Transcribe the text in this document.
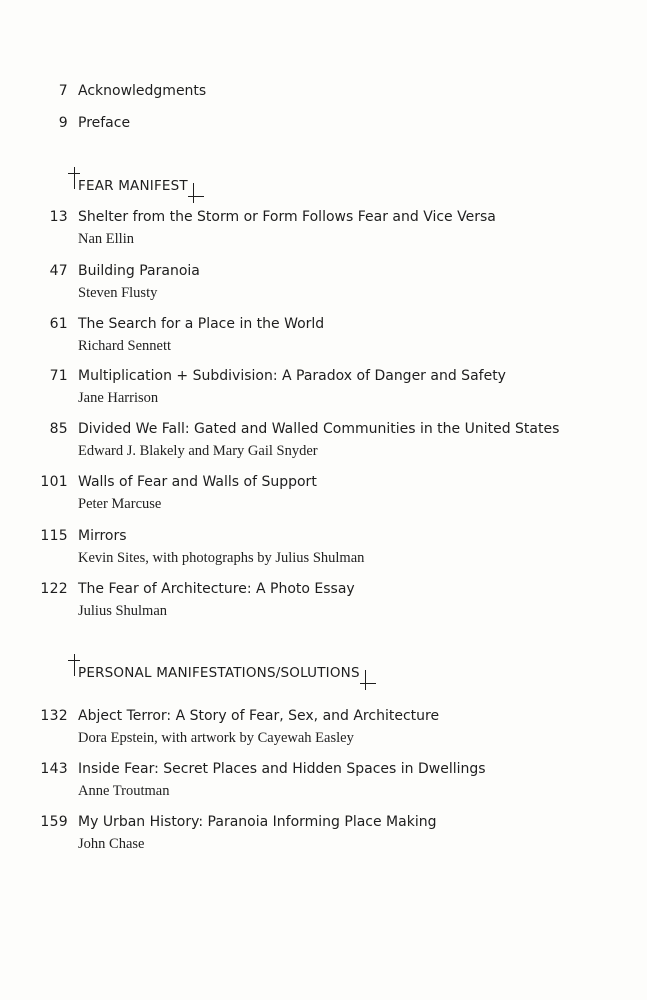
7 Acknowledgments
9 Preface
FEAR MANIFEST
13 Shelter from the Storm or Form Follows Fear and Vice Versa
Nan Ellin
47 Building Paranoia
Steven Flusty
61 The Search for a Place in the World
Richard Sennett
71 Multiplication + Subdivision: A Paradox of Danger and Safety
Jane Harrison
85 Divided We Fall: Gated and Walled Communities in the United States
Edward J. Blakely and Mary Gail Snyder
101 Walls of Fear and Walls of Support
Peter Marcuse
115 Mirrors
Kevin Sites, with photographs by Julius Shulman
122 The Fear of Architecture: A Photo Essay
Julius Shulman
PERSONAL MANIFESTATIONS/SOLUTIONS
132 Abject Terror: A Story of Fear, Sex, and Architecture
Dora Epstein, with artwork by Cayewah Easley
143 Inside Fear: Secret Places and Hidden Spaces in Dwellings
Anne Troutman
159 My Urban History: Paranoia Informing Place Making
John Chase
